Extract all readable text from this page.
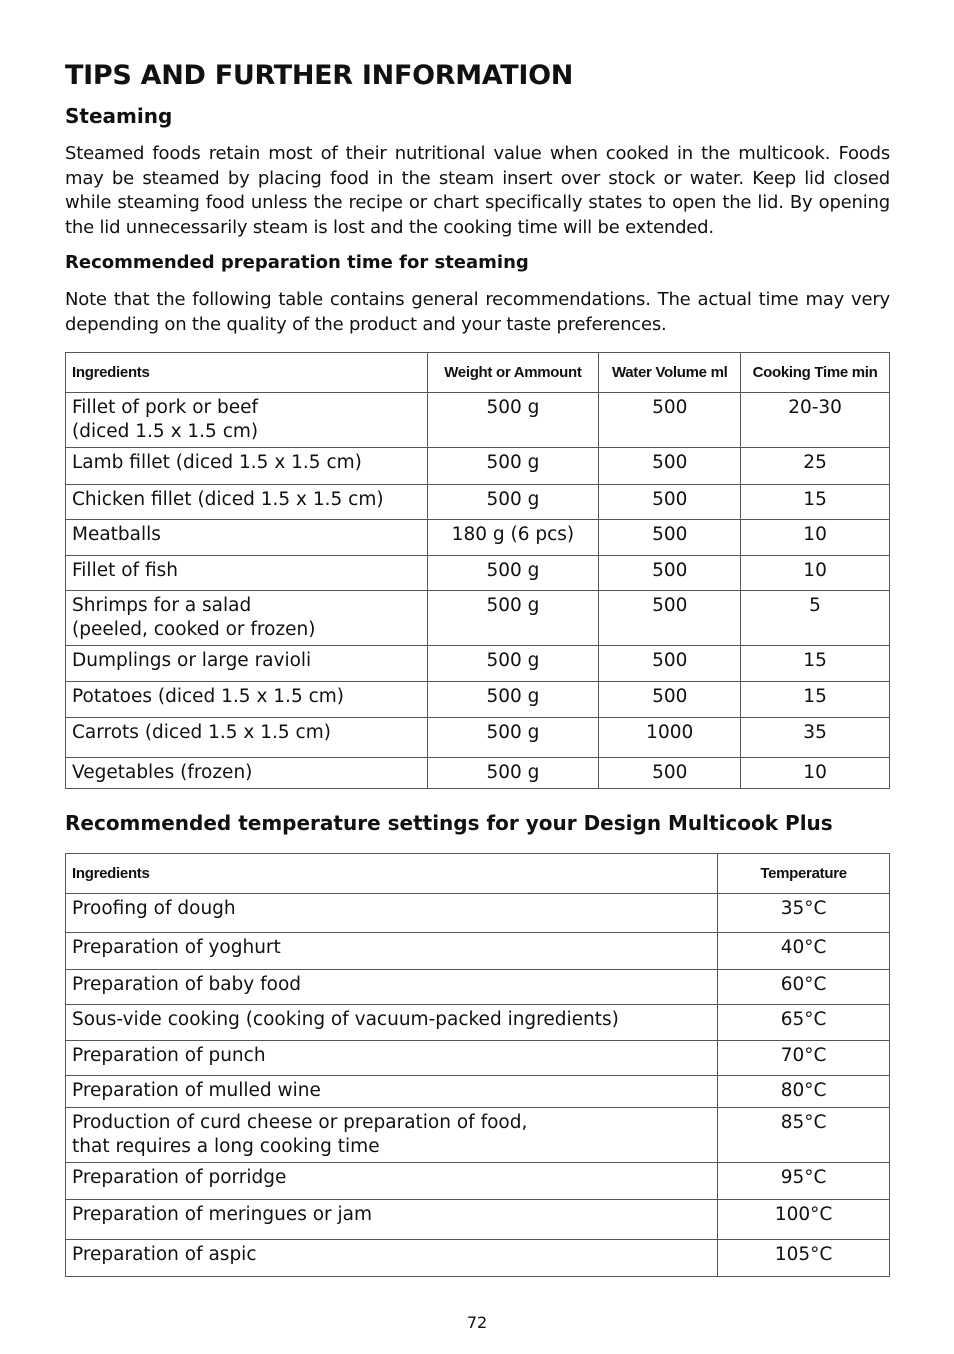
TIPS AND FURTHER INFORMATION
Steaming

Steamed foods retain most of their nutritional value when cooked in the multicook. Foods may be steamed by placing food in the steam insert over stock or water. Keep lid closed while steaming food unless the recipe or chart specifically states to open the lid. By opening the lid unnecessarily steam is lost and the cooking time will be extended.

Recommended preparation time for steaming

Note that the following table contains general recommendations. The actual time may very depending on the quality of the product and your taste preferences.

Ingredients	Weight or Ammount	Water Volume ml	Cooking Time min
Fillet of pork or beef
(diced 1.5 x 1.5 cm)	500 g	500	20-30
Lamb fillet (diced 1.5 x 1.5 cm)	500 g	500	25
Chicken fillet (diced 1.5 x 1.5 cm)	500 g	500	15
Meatballs	180 g (6 pcs)	500	10
Fillet of fish	500 g	500	10
Shrimps for a salad
(peeled, cooked or frozen)	500 g	500	5
Dumplings or large ravioli	500 g	500	15
Potatoes (diced 1.5 x 1.5 cm)	500 g	500	15
Carrots (diced 1.5 x 1.5 cm)	500 g	1000	35
Vegetables (frozen)	500 g	500	10
Recommended temperature settings for your Design Multicook Plus
Ingredients	Temperature
Proofing of dough	35°C
Preparation of yoghurt	40°C
Preparation of baby food	60°C
Sous-vide cooking (cooking of vacuum-packed ingredients)	65°C
Preparation of punch	70°C
Preparation of mulled wine	80°C
Production of curd cheese or preparation of food,
that requires a long cooking time	85°C
Preparation of porridge	95°C
Preparation of meringues or jam	100°C
Preparation of aspic	105°C
72
